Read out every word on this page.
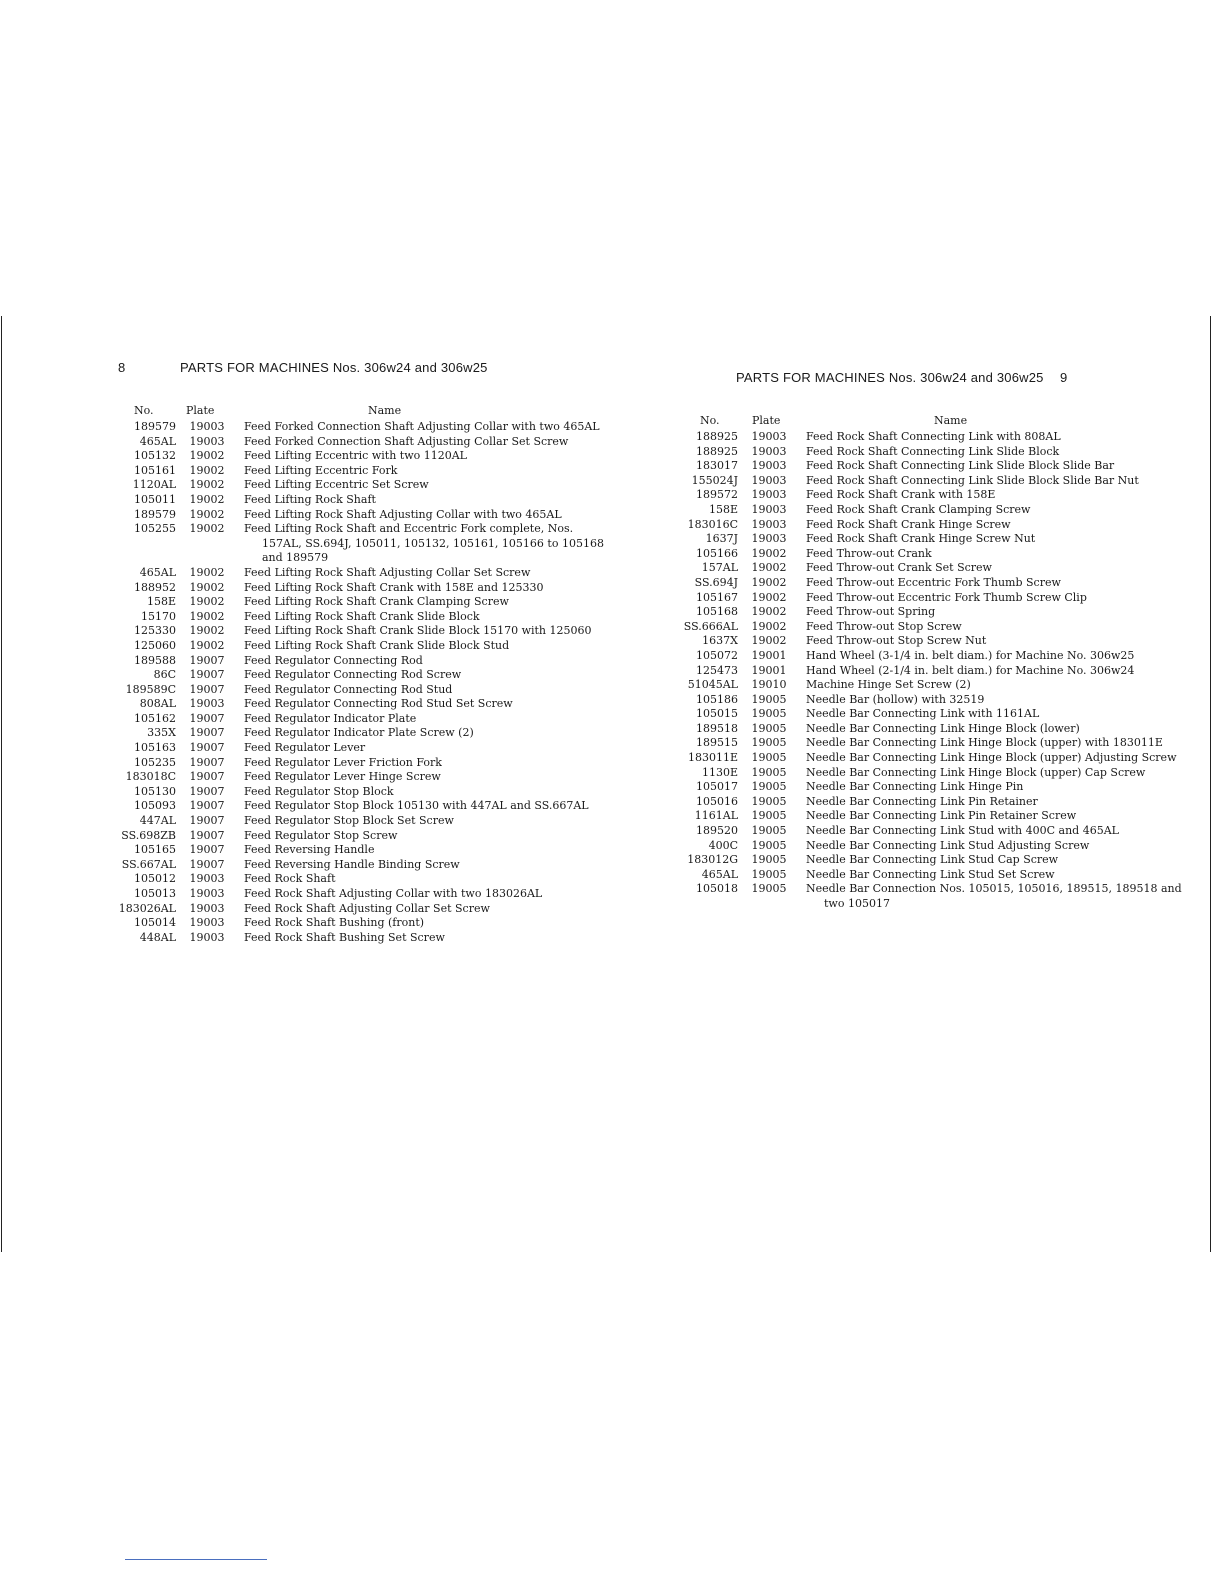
8	PARTS FOR MACHINES Nos. 306w24 and 306w25
No.	Plate	Name
189579	19003	Feed Forked Connection Shaft Adjusting Collar with two 465AL
465AL	19003	Feed Forked Connection Shaft Adjusting Collar Set Screw
105132	19002	Feed Lifting Eccentric with two 1120AL
105161	19002	Feed Lifting Eccentric Fork
1120AL	19002	Feed Lifting Eccentric Set Screw
105011	19002	Feed Lifting Rock Shaft
189579	19002	Feed Lifting Rock Shaft Adjusting Collar with two 465AL
105255	19002	Feed Lifting Rock Shaft and Eccentric Fork complete, Nos. 157AL, SS.694J, 105011, 105132, 105161, 105166 to 105168 and 189579
465AL	19002	Feed Lifting Rock Shaft Adjusting Collar Set Screw
188952	19002	Feed Lifting Rock Shaft Crank with 158E and 125330
158E	19002	Feed Lifting Rock Shaft Crank Clamping Screw
15170	19002	Feed Lifting Rock Shaft Crank Slide Block
125330	19002	Feed Lifting Rock Shaft Crank Slide Block 15170 with 125060
125060	19002	Feed Lifting Rock Shaft Crank Slide Block Stud
189588	19007	Feed Regulator Connecting Rod
86C	19007	Feed Regulator Connecting Rod Screw
189589C	19007	Feed Regulator Connecting Rod Stud
808AL	19003	Feed Regulator Connecting Rod Stud Set Screw
105162	19007	Feed Regulator Indicator Plate
335X	19007	Feed Regulator Indicator Plate Screw (2)
105163	19007	Feed Regulator Lever
105235	19007	Feed Regulator Lever Friction Fork
183018C	19007	Feed Regulator Lever Hinge Screw
105130	19007	Feed Regulator Stop Block
105093	19007	Feed Regulator Stop Block 105130 with 447AL and SS.667AL
447AL	19007	Feed Regulator Stop Block Set Screw
SS.698ZB	19007	Feed Regulator Stop Screw
105165	19007	Feed Reversing Handle
SS.667AL	19007	Feed Reversing Handle Binding Screw
105012	19003	Feed Rock Shaft
105013	19003	Feed Rock Shaft Adjusting Collar with two 183026AL
183026AL	19003	Feed Rock Shaft Adjusting Collar Set Screw
105014	19003	Feed Rock Shaft Bushing (front)
448AL	19003	Feed Rock Shaft Bushing Set Screw
PARTS FOR MACHINES Nos. 306w24 and 306w25 9
No.	Plate	Name
188925	19003	Feed Rock Shaft Connecting Link with 808AL
188925	19003	Feed Rock Shaft Connecting Link Slide Block
183017	19003	Feed Rock Shaft Connecting Link Slide Block Slide Bar
155024J	19003	Feed Rock Shaft Connecting Link Slide Block Slide Bar Nut
189572	19003	Feed Rock Shaft Crank with 158E
158E	19003	Feed Rock Shaft Crank Clamping Screw
183016C	19003	Feed Rock Shaft Crank Hinge Screw
1637J	19003	Feed Rock Shaft Crank Hinge Screw Nut
105166	19002	Feed Throw-out Crank
157AL	19002	Feed Throw-out Crank Set Screw
SS.694J	19002	Feed Throw-out Eccentric Fork Thumb Screw
105167	19002	Feed Throw-out Eccentric Fork Thumb Screw Clip
105168	19002	Feed Throw-out Spring
SS.666AL	19002	Feed Throw-out Stop Screw
1637X	19002	Feed Throw-out Stop Screw Nut
105072	19001	Hand Wheel (3-1/4 in. belt diam.) for Machine No. 306w25
125473	19001	Hand Wheel (2-1/4 in. belt diam.) for Machine No. 306w24
51045AL	19010	Machine Hinge Set Screw (2)
105186	19005	Needle Bar (hollow) with 32519
105015	19005	Needle Bar Connecting Link with 1161AL
189518	19005	Needle Bar Connecting Link Hinge Block (lower)
189515	19005	Needle Bar Connecting Link Hinge Block (upper) with 183011E
183011E	19005	Needle Bar Connecting Link Hinge Block (upper) Adjusting Screw
1130E	19005	Needle Bar Connecting Link Hinge Block (upper) Cap Screw
105017	19005	Needle Bar Connecting Link Hinge Pin
105016	19005	Needle Bar Connecting Link Pin Retainer
1161AL	19005	Needle Bar Connecting Link Pin Retainer Screw
189520	19005	Needle Bar Connecting Link Stud with 400C and 465AL
400C	19005	Needle Bar Connecting Link Stud Adjusting Screw
183012G	19005	Needle Bar Connecting Link Stud Cap Screw
465AL	19005	Needle Bar Connecting Link Stud Set Screw
105018	19005	Needle Bar Connection Nos. 105015, 105016, 189515, 189518 and two 105017
